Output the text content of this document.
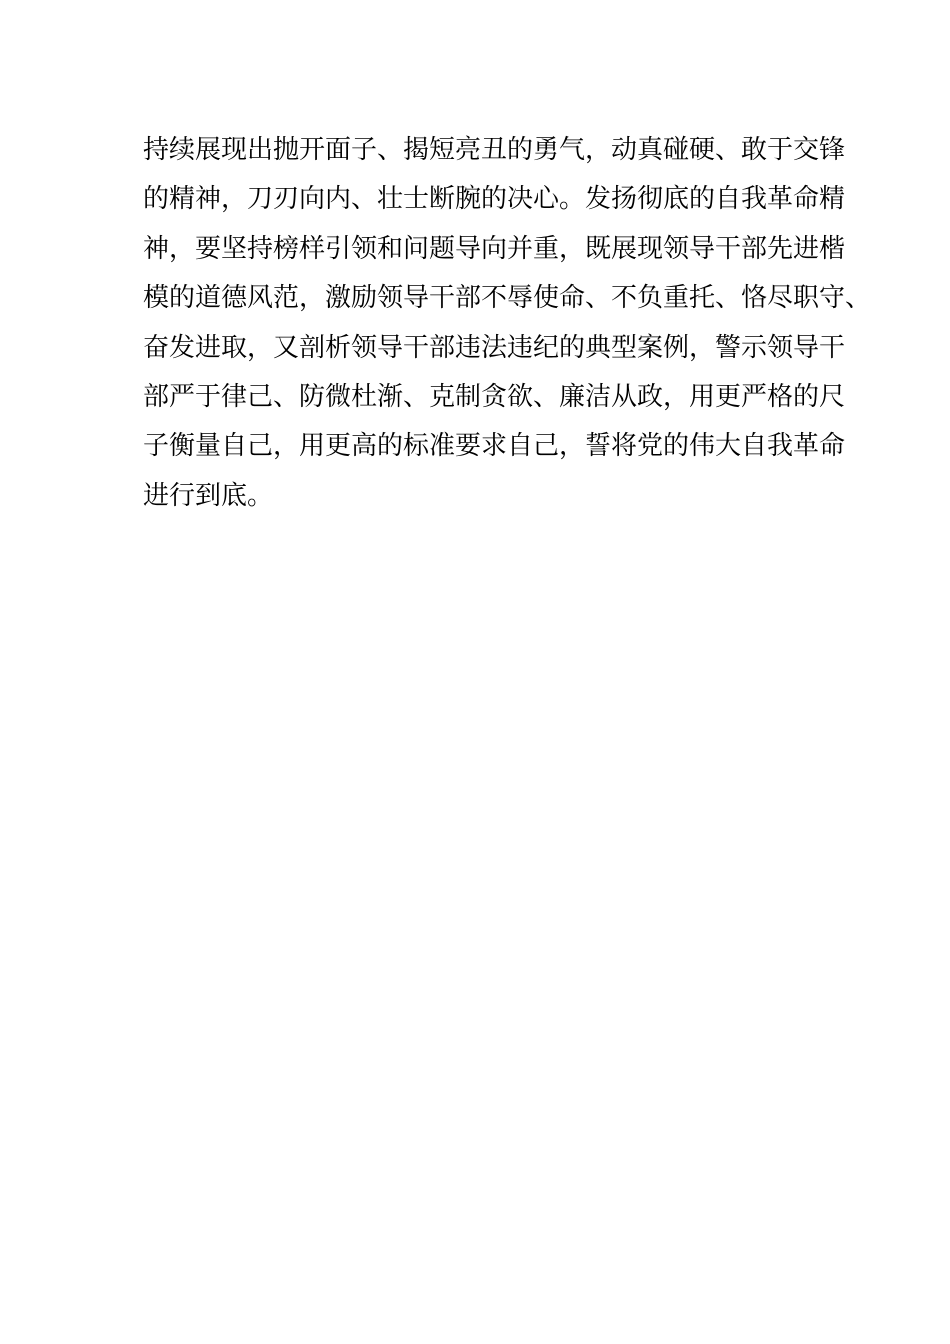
持续展现出抛开面子、揭短亮丑的勇气，动真碰硬、敢于交锋
的精神，刀刃向内、壮士断腕的决心。发扬彻底的自我革命精
神，要坚持榜样引领和问题导向并重，既展现领导干部先进楷
模的道德风范，激励领导干部不辱使命、不负重托、恪尽职守、
奋发进取，又剖析领导干部违法违纪的典型案例，警示领导干
部严于律己、防微杜渐、克制贪欲、廉洁从政，用更严格的尺
子衡量自己，用更高的标准要求自己，誓将党的伟大自我革命
进行到底。
